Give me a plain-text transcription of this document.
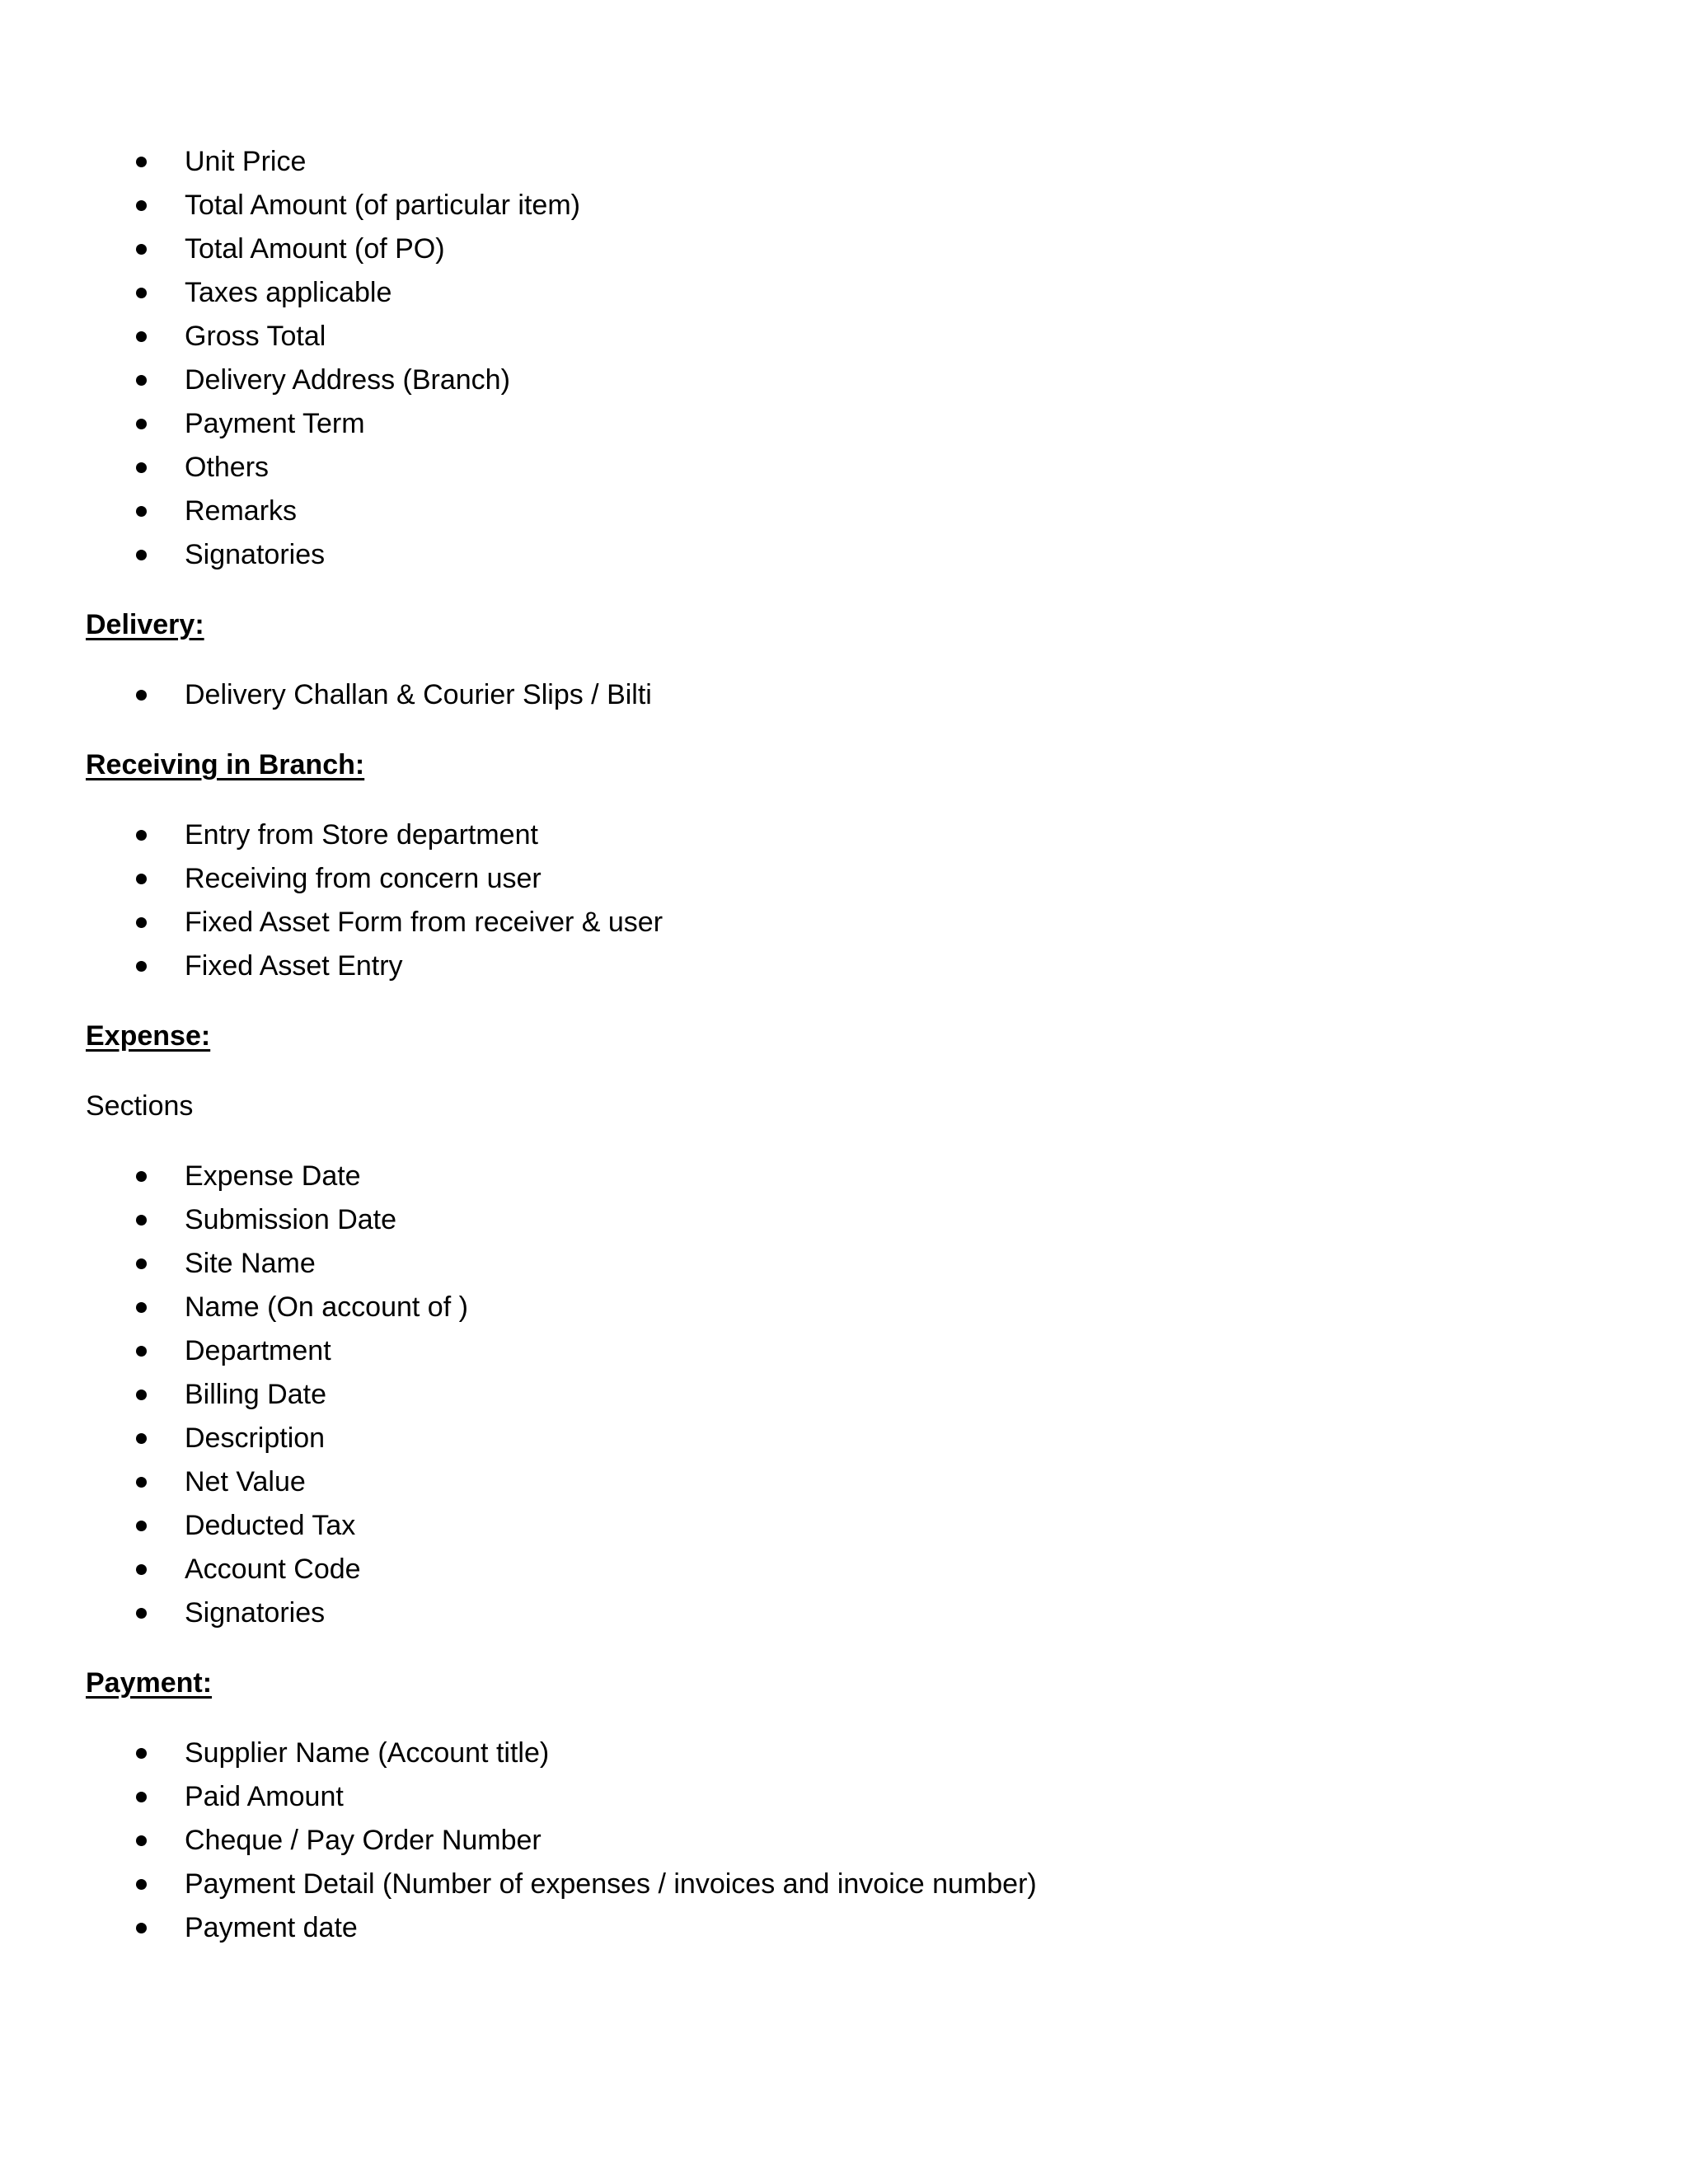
Unit Price
Total Amount (of particular item)
Total Amount (of PO)
Taxes applicable
Gross Total
Delivery Address (Branch)
Payment Term
Others
Remarks
Signatories
Delivery:
Delivery Challan & Courier Slips / Bilti
Receiving in Branch:
Entry from Store department
Receiving from concern user
Fixed Asset Form from receiver & user
Fixed Asset Entry
Expense:
Sections
Expense Date
Submission Date
Site Name
Name (On account of )
Department
Billing Date
Description
Net Value
Deducted Tax
Account Code
Signatories
Payment:
Supplier Name (Account title)
Paid Amount
Cheque / Pay Order Number
Payment Detail (Number of expenses / invoices and invoice number)
Payment date
